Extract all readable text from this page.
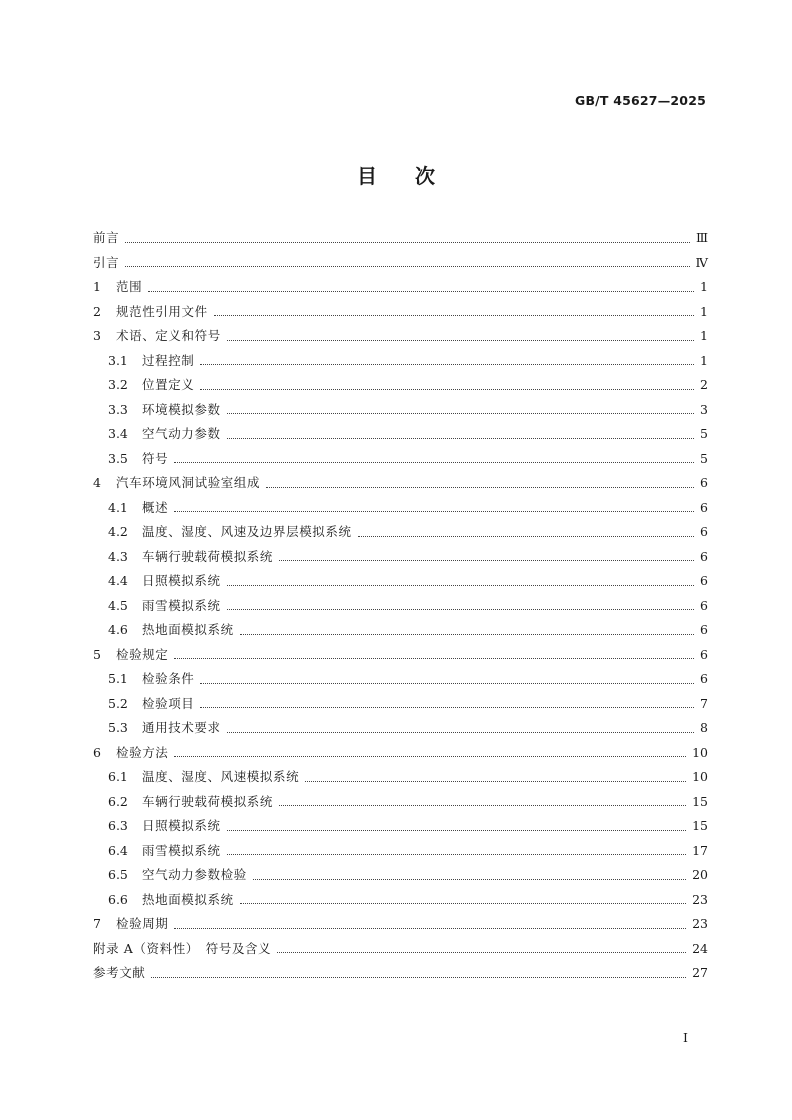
GB/T 45627—2025
目 次
前言	Ⅲ
引言	Ⅳ
1	范围	1
2	规范性引用文件	1
3	术语、定义和符号	1
3.1	过程控制	1
3.2	位置定义	2
3.3	环境模拟参数	3
3.4	空气动力参数	5
3.5	符号	5
4	汽车环境风洞试验室组成	6
4.1	概述	6
4.2	温度、湿度、风速及边界层模拟系统	6
4.3	车辆行驶载荷模拟系统	6
4.4	日照模拟系统	6
4.5	雨雪模拟系统	6
4.6	热地面模拟系统	6
5	检验规定	6
5.1	检验条件	6
5.2	检验项目	7
5.3	通用技术要求	8
6	检验方法	10
6.1	温度、湿度、风速模拟系统	10
6.2	车辆行驶载荷模拟系统	15
6.3	日照模拟系统	15
6.4	雨雪模拟系统	17
6.5	空气动力参数检验	20
6.6	热地面模拟系统	23
7	检验周期	23
附录 A（资料性）　符号及含义	24
参考文献	27
I
